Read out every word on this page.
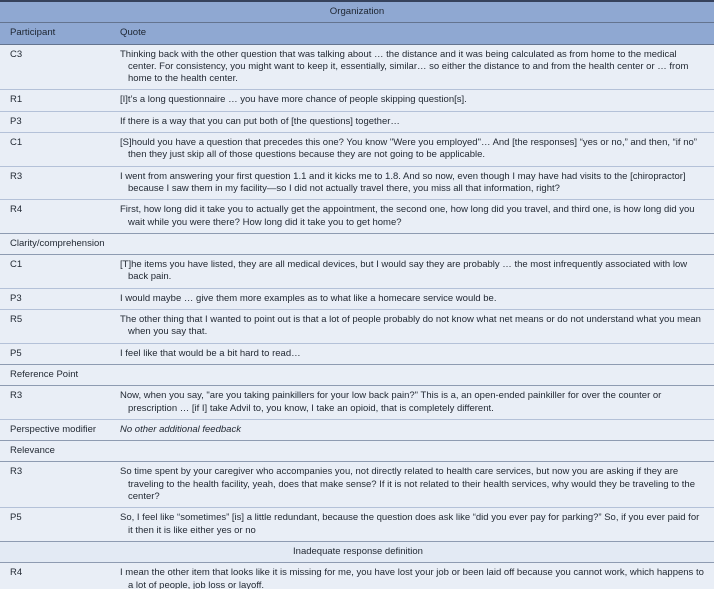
Organization	
Participant	Quote
C3	Thinking back with the other question that was talking about … the distance and it was being calculated as from home to the medical center. For consistency, you might want to keep it, essentially, similar… so either the distance to and from the health center or … from home to the health center.
R1	[I]t’s a long questionnaire … you have more chance of people skipping question[s].
P3	If there is a way that you can put both of [the questions] together…
C1	[S]hould you have a question that precedes this one? You know "Were you employed"… And [the responses] “yes or no,” and then, “if no” then they just skip all of those questions because they are not going to be applicable.
R3	I went from answering your first question 1.1 and it kicks me to 1.8. And so now, even though I may have had visits to the [chiropractor] because I saw them in my facility—so I did not actually travel there, you miss all that information, right?
R4	First, how long did it take you to actually get the appointment, the second one, how long did you travel, and third one, is how long did you wait while you were there? How long did it take you to get home?
Clarity/comprehension	
C1	[T]he items you have listed, they are all medical devices, but I would say they are probably … the most infrequently associated with low back pain.
P3	I would maybe … give them more examples as to what like a homecare service would be.
R5	The other thing that I wanted to point out is that a lot of people probably do not know what net means or do not understand what you mean when you say that.
P5	I feel like that would be a bit hard to read…
Reference Point	
R3	Now, when you say, "are you taking painkillers for your low back pain?" This is a, an open-ended painkiller for over the counter or prescription … [if I] take Advil to, you know, I take an opioid, that is completely different.
Perspective modifier	No other additional feedback
Relevance	
R3	So time spent by your caregiver who accompanies you, not directly related to health care services, but now you are asking if they are traveling to the health facility, yeah, does that make sense? If it is not related to their health services, why would they be traveling to the center?
P5	So, I feel like “sometimes” [is] a little redundant, because the question does ask like “did you ever pay for parking?” So, if you ever paid for it then it is like either yes or no
Inadequate response definition	
R4	I mean the other item that looks like it is missing for me, you have lost your job or been laid off because you cannot work, which happens to a lot of people, job loss or layoff.
